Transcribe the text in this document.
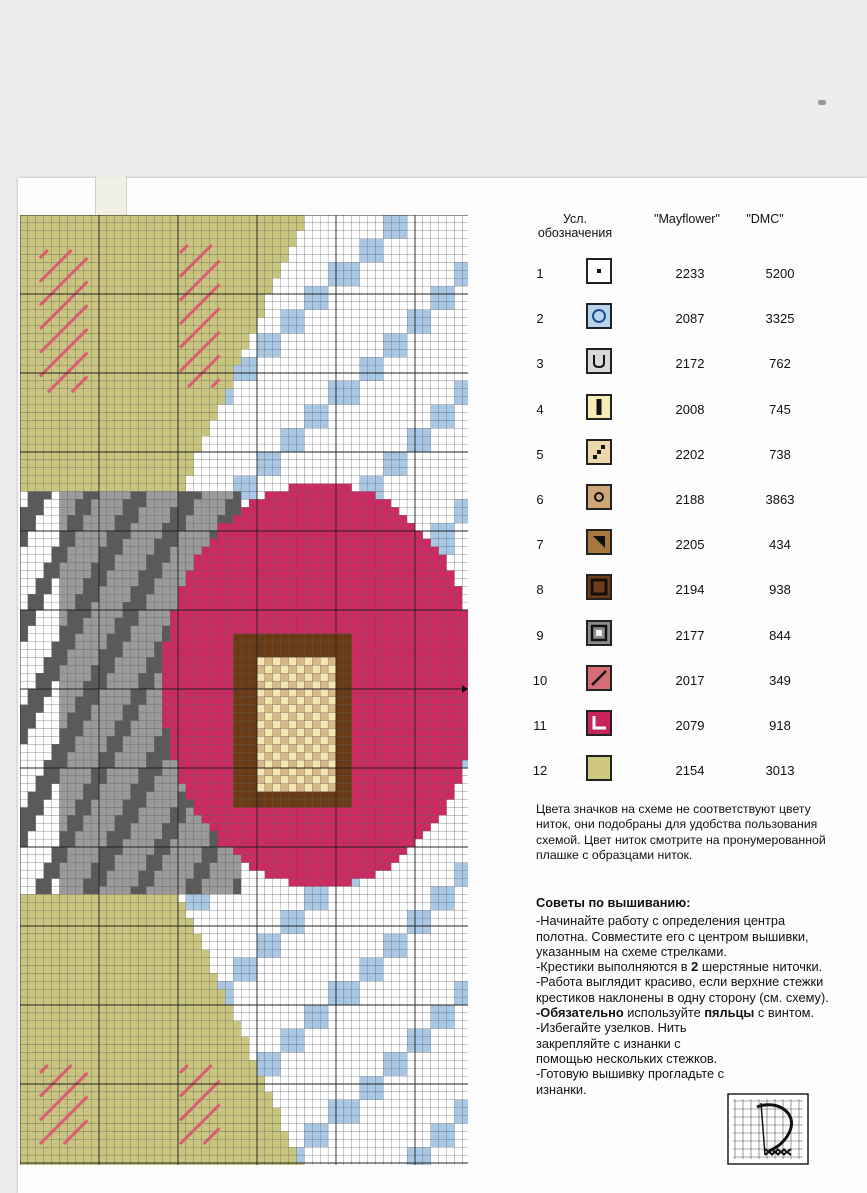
Усл.
обозначения
"Mayflower"	"DMC"
1	2233	5200
2	2087	3325
3	2172	762
4	2008	745
5	2202	738
6	2188	3863
7	2205	434
8	2194	938
9	2177	844
10	2017	349
11	2079	918
12	2154	3013
Цвета значков на схеме не соответствуют цвету ниток, они подобраны для удобства пользования схемой. Цвет ниток смотрите на пронумерованной плашке с образцами ниток.

Советы по вышиванию:

-Начинайте работу с определения центра полотна. Совместите его с центром вышивки, указанным на схеме стрелками.

-Крестики выполняются в 2 шерстяные ниточки.

-Работа выглядит красиво, если верхние стежки крестиков наклонены в одну сторону (см. схему).

-Обязательно используйте пяльцы с винтом.

-Избегайте узелков. Нить закрепляйте с изнанки с помощью нескольких стежков.

-Готовую вышивку прогладьте с изнанки.
